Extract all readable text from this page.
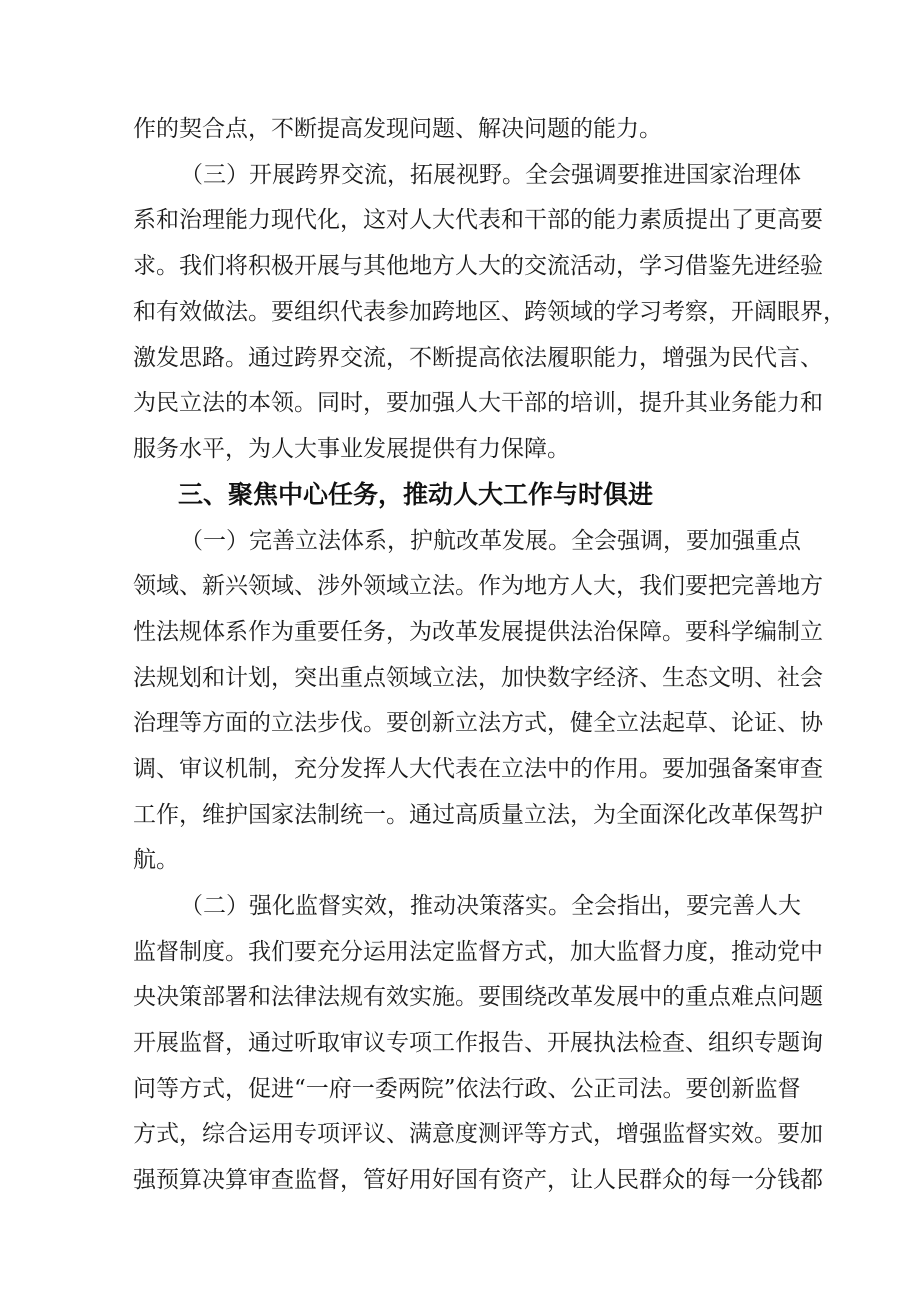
作的契合点，不断提高发现问题、解决问题的能力。
（三）开展跨界交流，拓展视野。全会强调要推进国家治理体
系和治理能力现代化，这对人大代表和干部的能力素质提出了更高要
求。我们将积极开展与其他地方人大的交流活动，学习借鉴先进经验
和有效做法。要组织代表参加跨地区、跨领域的学习考察，开阔眼界，
激发思路。通过跨界交流，不断提高依法履职能力，增强为民代言、
为民立法的本领。同时，要加强人大干部的培训，提升其业务能力和
服务水平，为人大事业发展提供有力保障。
三、聚焦中心任务，推动人大工作与时俱进
（一）完善立法体系，护航改革发展。全会强调，要加强重点
领域、新兴领域、涉外领域立法。作为地方人大，我们要把完善地方
性法规体系作为重要任务，为改革发展提供法治保障。要科学编制立
法规划和计划，突出重点领域立法，加快数字经济、生态文明、社会
治理等方面的立法步伐。要创新立法方式，健全立法起草、论证、协
调、审议机制，充分发挥人大代表在立法中的作用。要加强备案审查
工作，维护国家法制统一。通过高质量立法，为全面深化改革保驾护
航。
（二）强化监督实效，推动决策落实。全会指出，要完善人大
监督制度。我们要充分运用法定监督方式，加大监督力度，推动党中
央决策部署和法律法规有效实施。要围绕改革发展中的重点难点问题
开展监督，通过听取审议专项工作报告、开展执法检查、组织专题询
问等方式，促进“一府一委两院”依法行政、公正司法。要创新监督
方式，综合运用专项评议、满意度测评等方式，增强监督实效。要加
强预算决算审查监督，管好用好国有资产，让人民群众的每一分钱都
